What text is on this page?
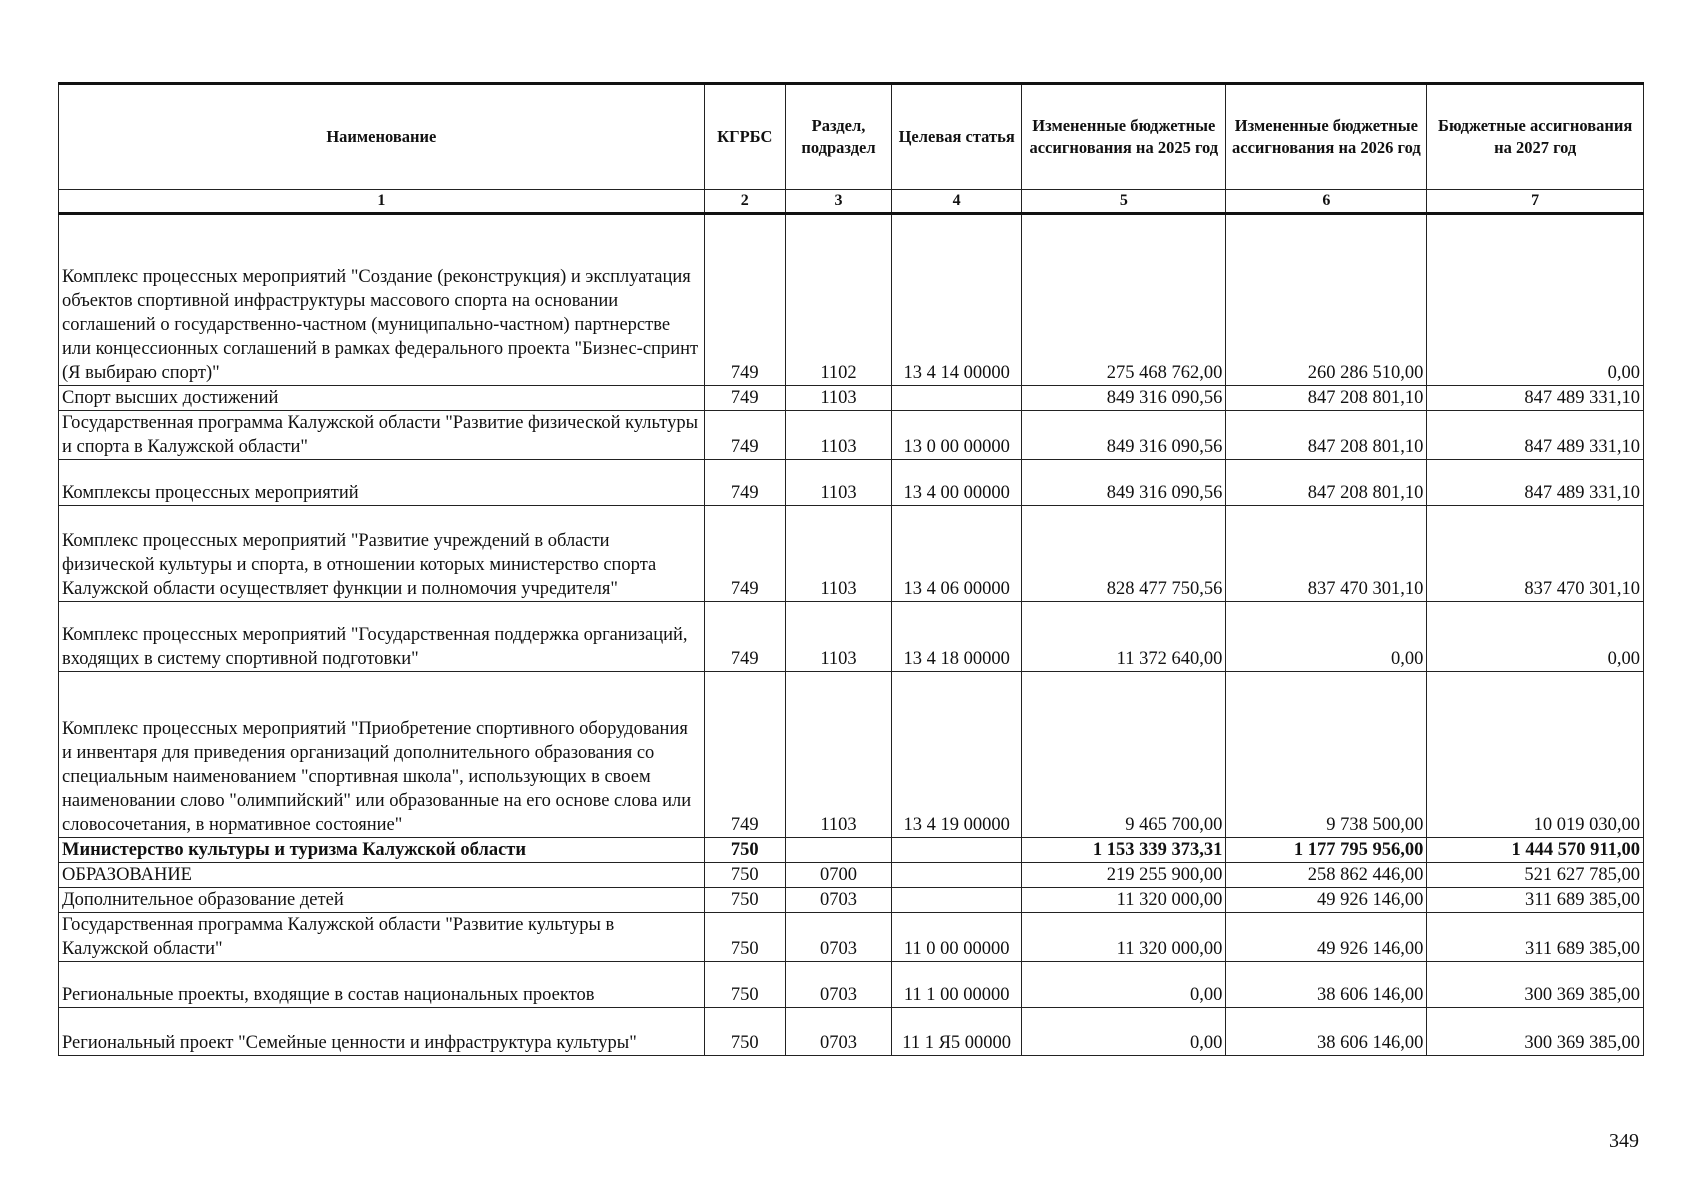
Наименование	КГРБС	Раздел, подраздел	Целевая статья	Измененные бюджетные ассигнования на 2025 год	Измененные бюджетные ассигнования на 2026 год	Бюджетные ассигнования на 2027 год
1	2	3	4	5	6	7
Комплекс процессных мероприятий "Создание (реконструкция) и эксплуатация объектов спортивной инфраструктуры массового спорта на основании соглашений о государственно-частном (муниципально-частном) партнерстве или концессионных соглашений в рамках федерального проекта "Бизнес-спринт (Я выбираю спорт)"	749	1102	13 4 14 00000	275 468 762,00	260 286 510,00	0,00
Спорт высших достижений	749	1103		849 316 090,56	847 208 801,10	847 489 331,10
Государственная программа Калужской области "Развитие физической культуры и спорта в Калужской области"	749	1103	13 0 00 00000	849 316 090,56	847 208 801,10	847 489 331,10
Комплексы процессных мероприятий	749	1103	13 4 00 00000	849 316 090,56	847 208 801,10	847 489 331,10
Комплекс процессных мероприятий "Развитие учреждений в области физической культуры и спорта, в отношении которых министерство спорта Калужской области осуществляет функции и полномочия учредителя"	749	1103	13 4 06 00000	828 477 750,56	837 470 301,10	837 470 301,10
Комплекс процессных мероприятий "Государственная поддержка организаций, входящих в систему спортивной подготовки"	749	1103	13 4 18 00000	11 372 640,00	0,00	0,00
Комплекс процессных мероприятий "Приобретение спортивного оборудования и инвентаря для приведения организаций дополнительного образования со специальным наименованием "спортивная школа", использующих в своем наименовании слово "олимпийский" или образованные на его основе слова или словосочетания, в нормативное состояние"	749	1103	13 4 19 00000	9 465 700,00	9 738 500,00	10 019 030,00
Министерство культуры и туризма Калужской области	750			1 153 339 373,31	1 177 795 956,00	1 444 570 911,00
ОБРАЗОВАНИЕ	750	0700		219 255 900,00	258 862 446,00	521 627 785,00
Дополнительное образование детей	750	0703		11 320 000,00	49 926 146,00	311 689 385,00
Государственная программа Калужской области "Развитие культуры в Калужской области"	750	0703	11 0 00 00000	11 320 000,00	49 926 146,00	311 689 385,00
Региональные проекты, входящие в состав национальных проектов	750	0703	11 1 00 00000	0,00	38 606 146,00	300 369 385,00
Региональный проект "Семейные ценности и инфраструктура культуры"	750	0703	11 1 Я5 00000	0,00	38 606 146,00	300 369 385,00
349
